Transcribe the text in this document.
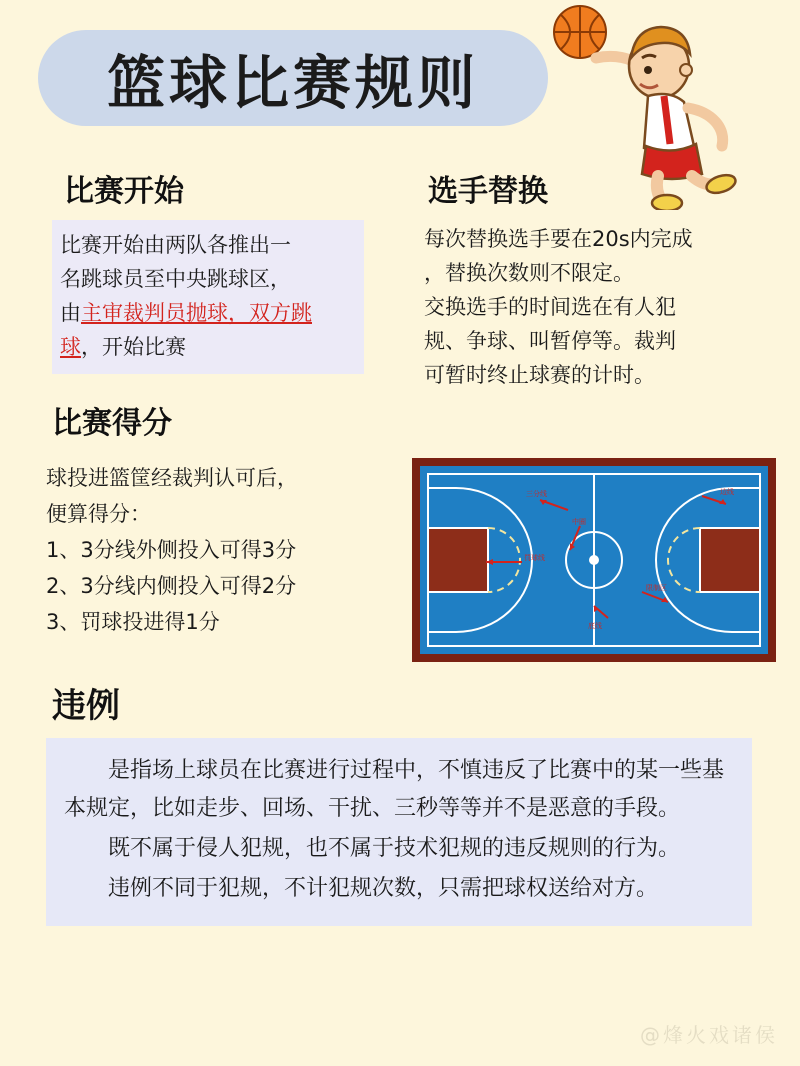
篮球比赛规则
比赛开始
比赛开始由两队各推出一
名跳球员至中央跳球区，
由主审裁判员抛球，双方跳
球，开始比赛
比赛得分
球投进篮筐经裁判认可后，
便算得分：
1、3分线外侧投入可得3分
2、3分线内侧投入可得2分
3、罚球投进得1分
选手替换
每次替换选手要在20s内完成
，替换次数则不限定。
交换选手的时间选在有人犯
规、争球、叫暂停等。裁判
可暂时终止球赛的计时。
三分线
中圈
罚球线
限制区
底线
边线
违例

是指场上球员在比赛进行过程中，不慎违反了比赛中的某一些基本规定，比如走步、回场、干扰、三秒等等并不是恶意的手段。

既不属于侵人犯规，也不属于技术犯规的违反规则的行为。

违例不同于犯规，不计犯规次数，只需把球权送给对方。

@烽火戏诸侯
